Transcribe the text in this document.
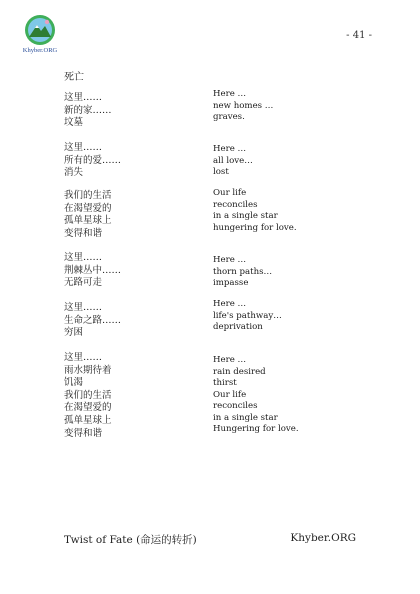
Khyber.ORG
- 41 -
死亡
这里……
新的家……
坟墓
这里……
所有的爱……
消失
我们的生活
在渴望爱的
孤单星球上
变得和谐
这里……
荆棘丛中……
无路可走
这里……
生命之路……
穷困
这里……
雨水期待着
饥渴
我们的生活
在渴望爱的
孤单星球上
变得和谐
Here …
new homes …
graves.
Here …
all love…
lost
Our life
reconciles
in a single star
hungering for love.
Here …
thorn paths…
impasse
Here …
life's pathway…
deprivation
Here …
rain desired
thirst
Our life
reconciles
in a single star
Hungering for love.
Twist of Fate (命运的转折)	Khyber.ORG
